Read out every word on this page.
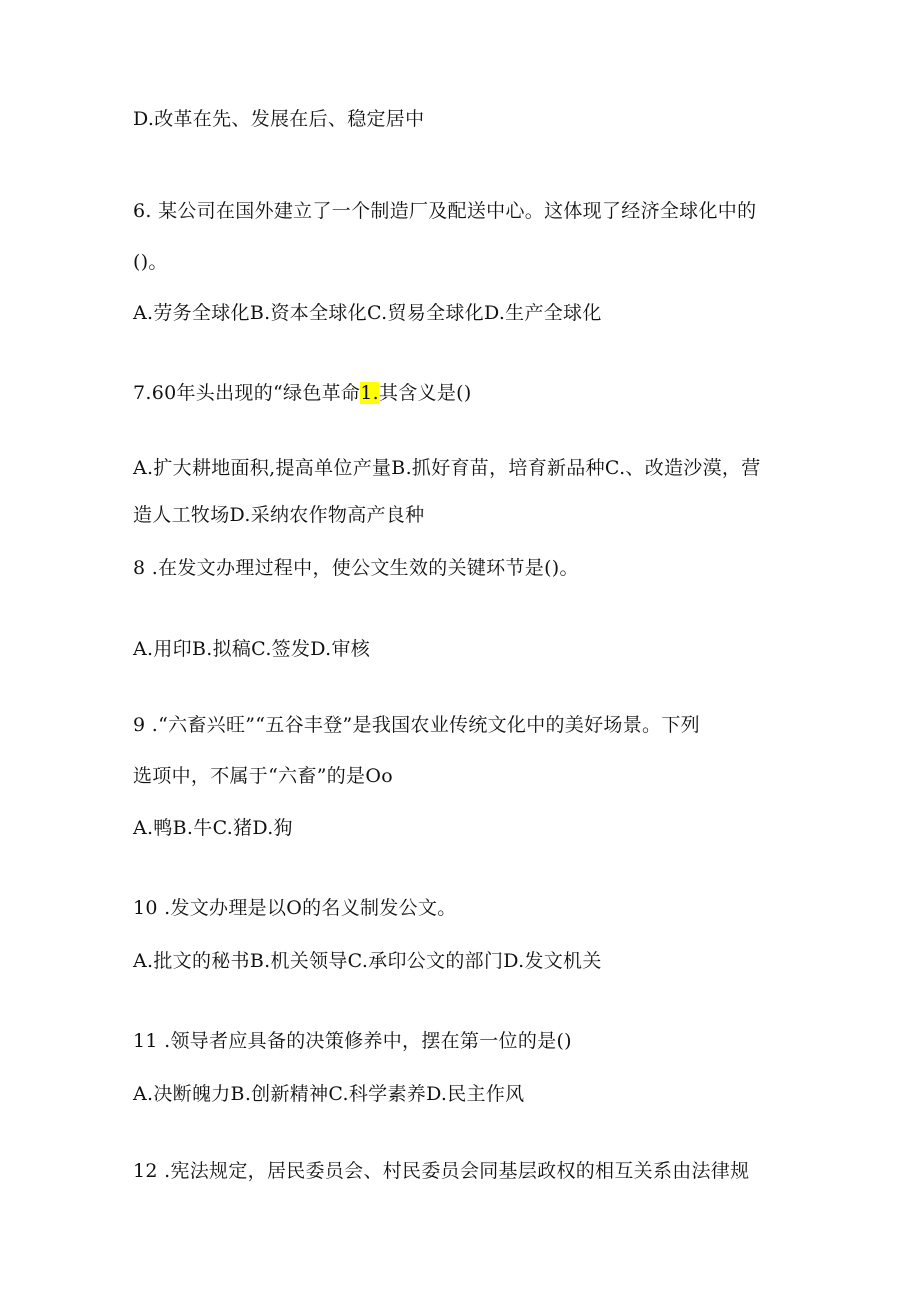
D.改革在先、发展在后、稳定居中
6. 某公司在国外建立了一个制造厂及配送中心。这体现了经济全球化中的
()。
A.劳务全球化B.资本全球化C.贸易全球化D.生产全球化
7.60年头出现的“绿色革命1.其含义是()
A.扩大耕地面积,提高单位产量B.抓好育苗，培育新品种C.、改造沙漠，营
造人工牧场D.采纳农作物高产良种
8 .在发文办理过程中，使公文生效的关键环节是()。
A.用印B.拟稿C.签发D.审核
9 .“六畜兴旺”“五谷丰登”是我国农业传统文化中的美好场景。下列
选项中，不属于“六畜”的是Oo
A.鸭B.牛C.猪D.狗
10 .发文办理是以O的名义制发公文。
A.批文的秘书B.机关领导C.承印公文的部门D.发文机关
11 .领导者应具备的决策修养中，摆在第一位的是()
A.决断魄力B.创新精神C.科学素养D.民主作风
12 .宪法规定，居民委员会、村民委员会同基层政权的相互关系由法律规
